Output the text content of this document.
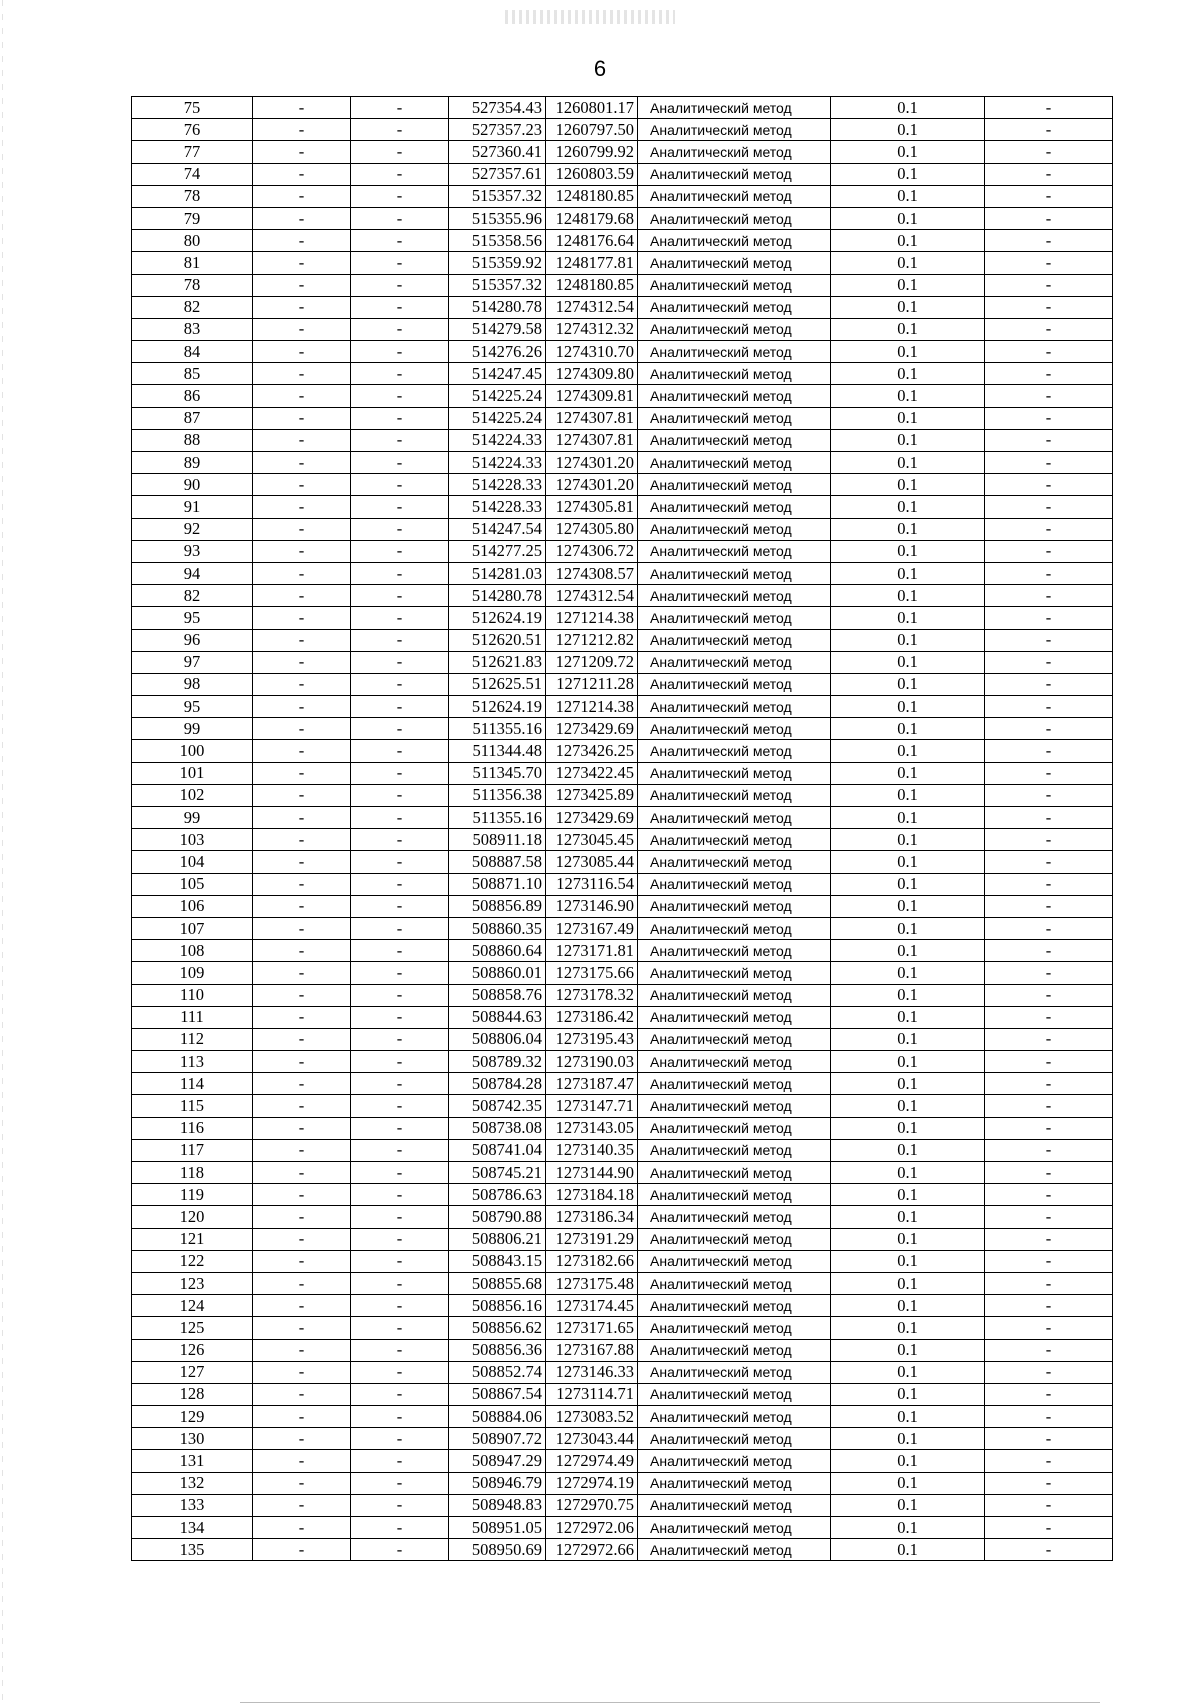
6
75	-	-	527354.43	1260801.17	Аналитический метод	0.1	-
76	-	-	527357.23	1260797.50	Аналитический метод	0.1	-
77	-	-	527360.41	1260799.92	Аналитический метод	0.1	-
74	-	-	527357.61	1260803.59	Аналитический метод	0.1	-
78	-	-	515357.32	1248180.85	Аналитический метод	0.1	-
79	-	-	515355.96	1248179.68	Аналитический метод	0.1	-
80	-	-	515358.56	1248176.64	Аналитический метод	0.1	-
81	-	-	515359.92	1248177.81	Аналитический метод	0.1	-
78	-	-	515357.32	1248180.85	Аналитический метод	0.1	-
82	-	-	514280.78	1274312.54	Аналитический метод	0.1	-
83	-	-	514279.58	1274312.32	Аналитический метод	0.1	-
84	-	-	514276.26	1274310.70	Аналитический метод	0.1	-
85	-	-	514247.45	1274309.80	Аналитический метод	0.1	-
86	-	-	514225.24	1274309.81	Аналитический метод	0.1	-
87	-	-	514225.24	1274307.81	Аналитический метод	0.1	-
88	-	-	514224.33	1274307.81	Аналитический метод	0.1	-
89	-	-	514224.33	1274301.20	Аналитический метод	0.1	-
90	-	-	514228.33	1274301.20	Аналитический метод	0.1	-
91	-	-	514228.33	1274305.81	Аналитический метод	0.1	-
92	-	-	514247.54	1274305.80	Аналитический метод	0.1	-
93	-	-	514277.25	1274306.72	Аналитический метод	0.1	-
94	-	-	514281.03	1274308.57	Аналитический метод	0.1	-
82	-	-	514280.78	1274312.54	Аналитический метод	0.1	-
95	-	-	512624.19	1271214.38	Аналитический метод	0.1	-
96	-	-	512620.51	1271212.82	Аналитический метод	0.1	-
97	-	-	512621.83	1271209.72	Аналитический метод	0.1	-
98	-	-	512625.51	1271211.28	Аналитический метод	0.1	-
95	-	-	512624.19	1271214.38	Аналитический метод	0.1	-
99	-	-	511355.16	1273429.69	Аналитический метод	0.1	-
100	-	-	511344.48	1273426.25	Аналитический метод	0.1	-
101	-	-	511345.70	1273422.45	Аналитический метод	0.1	-
102	-	-	511356.38	1273425.89	Аналитический метод	0.1	-
99	-	-	511355.16	1273429.69	Аналитический метод	0.1	-
103	-	-	508911.18	1273045.45	Аналитический метод	0.1	-
104	-	-	508887.58	1273085.44	Аналитический метод	0.1	-
105	-	-	508871.10	1273116.54	Аналитический метод	0.1	-
106	-	-	508856.89	1273146.90	Аналитический метод	0.1	-
107	-	-	508860.35	1273167.49	Аналитический метод	0.1	-
108	-	-	508860.64	1273171.81	Аналитический метод	0.1	-
109	-	-	508860.01	1273175.66	Аналитический метод	0.1	-
110	-	-	508858.76	1273178.32	Аналитический метод	0.1	-
111	-	-	508844.63	1273186.42	Аналитический метод	0.1	-
112	-	-	508806.04	1273195.43	Аналитический метод	0.1	-
113	-	-	508789.32	1273190.03	Аналитический метод	0.1	-
114	-	-	508784.28	1273187.47	Аналитический метод	0.1	-
115	-	-	508742.35	1273147.71	Аналитический метод	0.1	-
116	-	-	508738.08	1273143.05	Аналитический метод	0.1	-
117	-	-	508741.04	1273140.35	Аналитический метод	0.1	-
118	-	-	508745.21	1273144.90	Аналитический метод	0.1	-
119	-	-	508786.63	1273184.18	Аналитический метод	0.1	-
120	-	-	508790.88	1273186.34	Аналитический метод	0.1	-
121	-	-	508806.21	1273191.29	Аналитический метод	0.1	-
122	-	-	508843.15	1273182.66	Аналитический метод	0.1	-
123	-	-	508855.68	1273175.48	Аналитический метод	0.1	-
124	-	-	508856.16	1273174.45	Аналитический метод	0.1	-
125	-	-	508856.62	1273171.65	Аналитический метод	0.1	-
126	-	-	508856.36	1273167.88	Аналитический метод	0.1	-
127	-	-	508852.74	1273146.33	Аналитический метод	0.1	-
128	-	-	508867.54	1273114.71	Аналитический метод	0.1	-
129	-	-	508884.06	1273083.52	Аналитический метод	0.1	-
130	-	-	508907.72	1273043.44	Аналитический метод	0.1	-
131	-	-	508947.29	1272974.49	Аналитический метод	0.1	-
132	-	-	508946.79	1272974.19	Аналитический метод	0.1	-
133	-	-	508948.83	1272970.75	Аналитический метод	0.1	-
134	-	-	508951.05	1272972.06	Аналитический метод	0.1	-
135	-	-	508950.69	1272972.66	Аналитический метод	0.1	-
